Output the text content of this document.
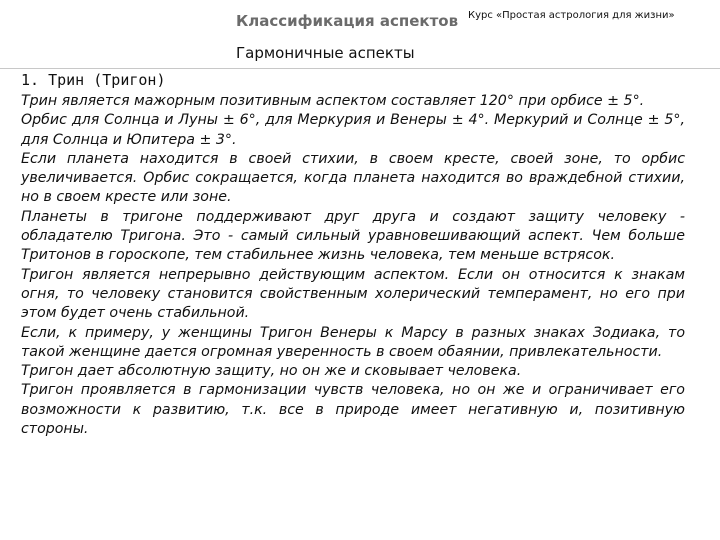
Классификация аспектов Курс «Простая астрология для жизни»
Гармоничные аспекты
1. Трин (Тригон)

Трин является мажорным позитивным аспектом составляет 120° при орбисе ± 5°.

Орбис для Солнца и Луны ± 6°, для Меркурия и Венеры ± 4°. Меркурий и Солнце ± 5°, для Солнца и Юпитера ± 3°.

Если планета находится в своей стихии, в своем кресте, своей зоне, то орбис увеличивается. Орбис сокращается, когда планета находится во враждебной стихии, но в своем кресте или зоне.

Планеты в тригоне поддерживают друг друга и создают защиту человеку - обладателю Тригона. Это - самый сильный уравновешивающий аспект. Чем больше Тритонов в гороскопе, тем стабильнее жизнь человека, тем меньше встрясок.

Тригон является непрерывно действующим аспектом. Если он относится к знакам огня, то человеку становится свойственным холерический темперамент, но его при этом будет очень стабильной.

Если, к примеру, у женщины Тригон Венеры к Марсу в разных знаках Зодиака, то такой женщине дается огромная уверенность в своем обаянии, привлекательности.

Тригон дает абсолютную защиту, но он же и сковывает человека.

Тригон проявляется в гармонизации чувств человека, но он же и ограничивает его возможности к развитию, т.к. все в природе имеет негативную и, позитивную стороны.
